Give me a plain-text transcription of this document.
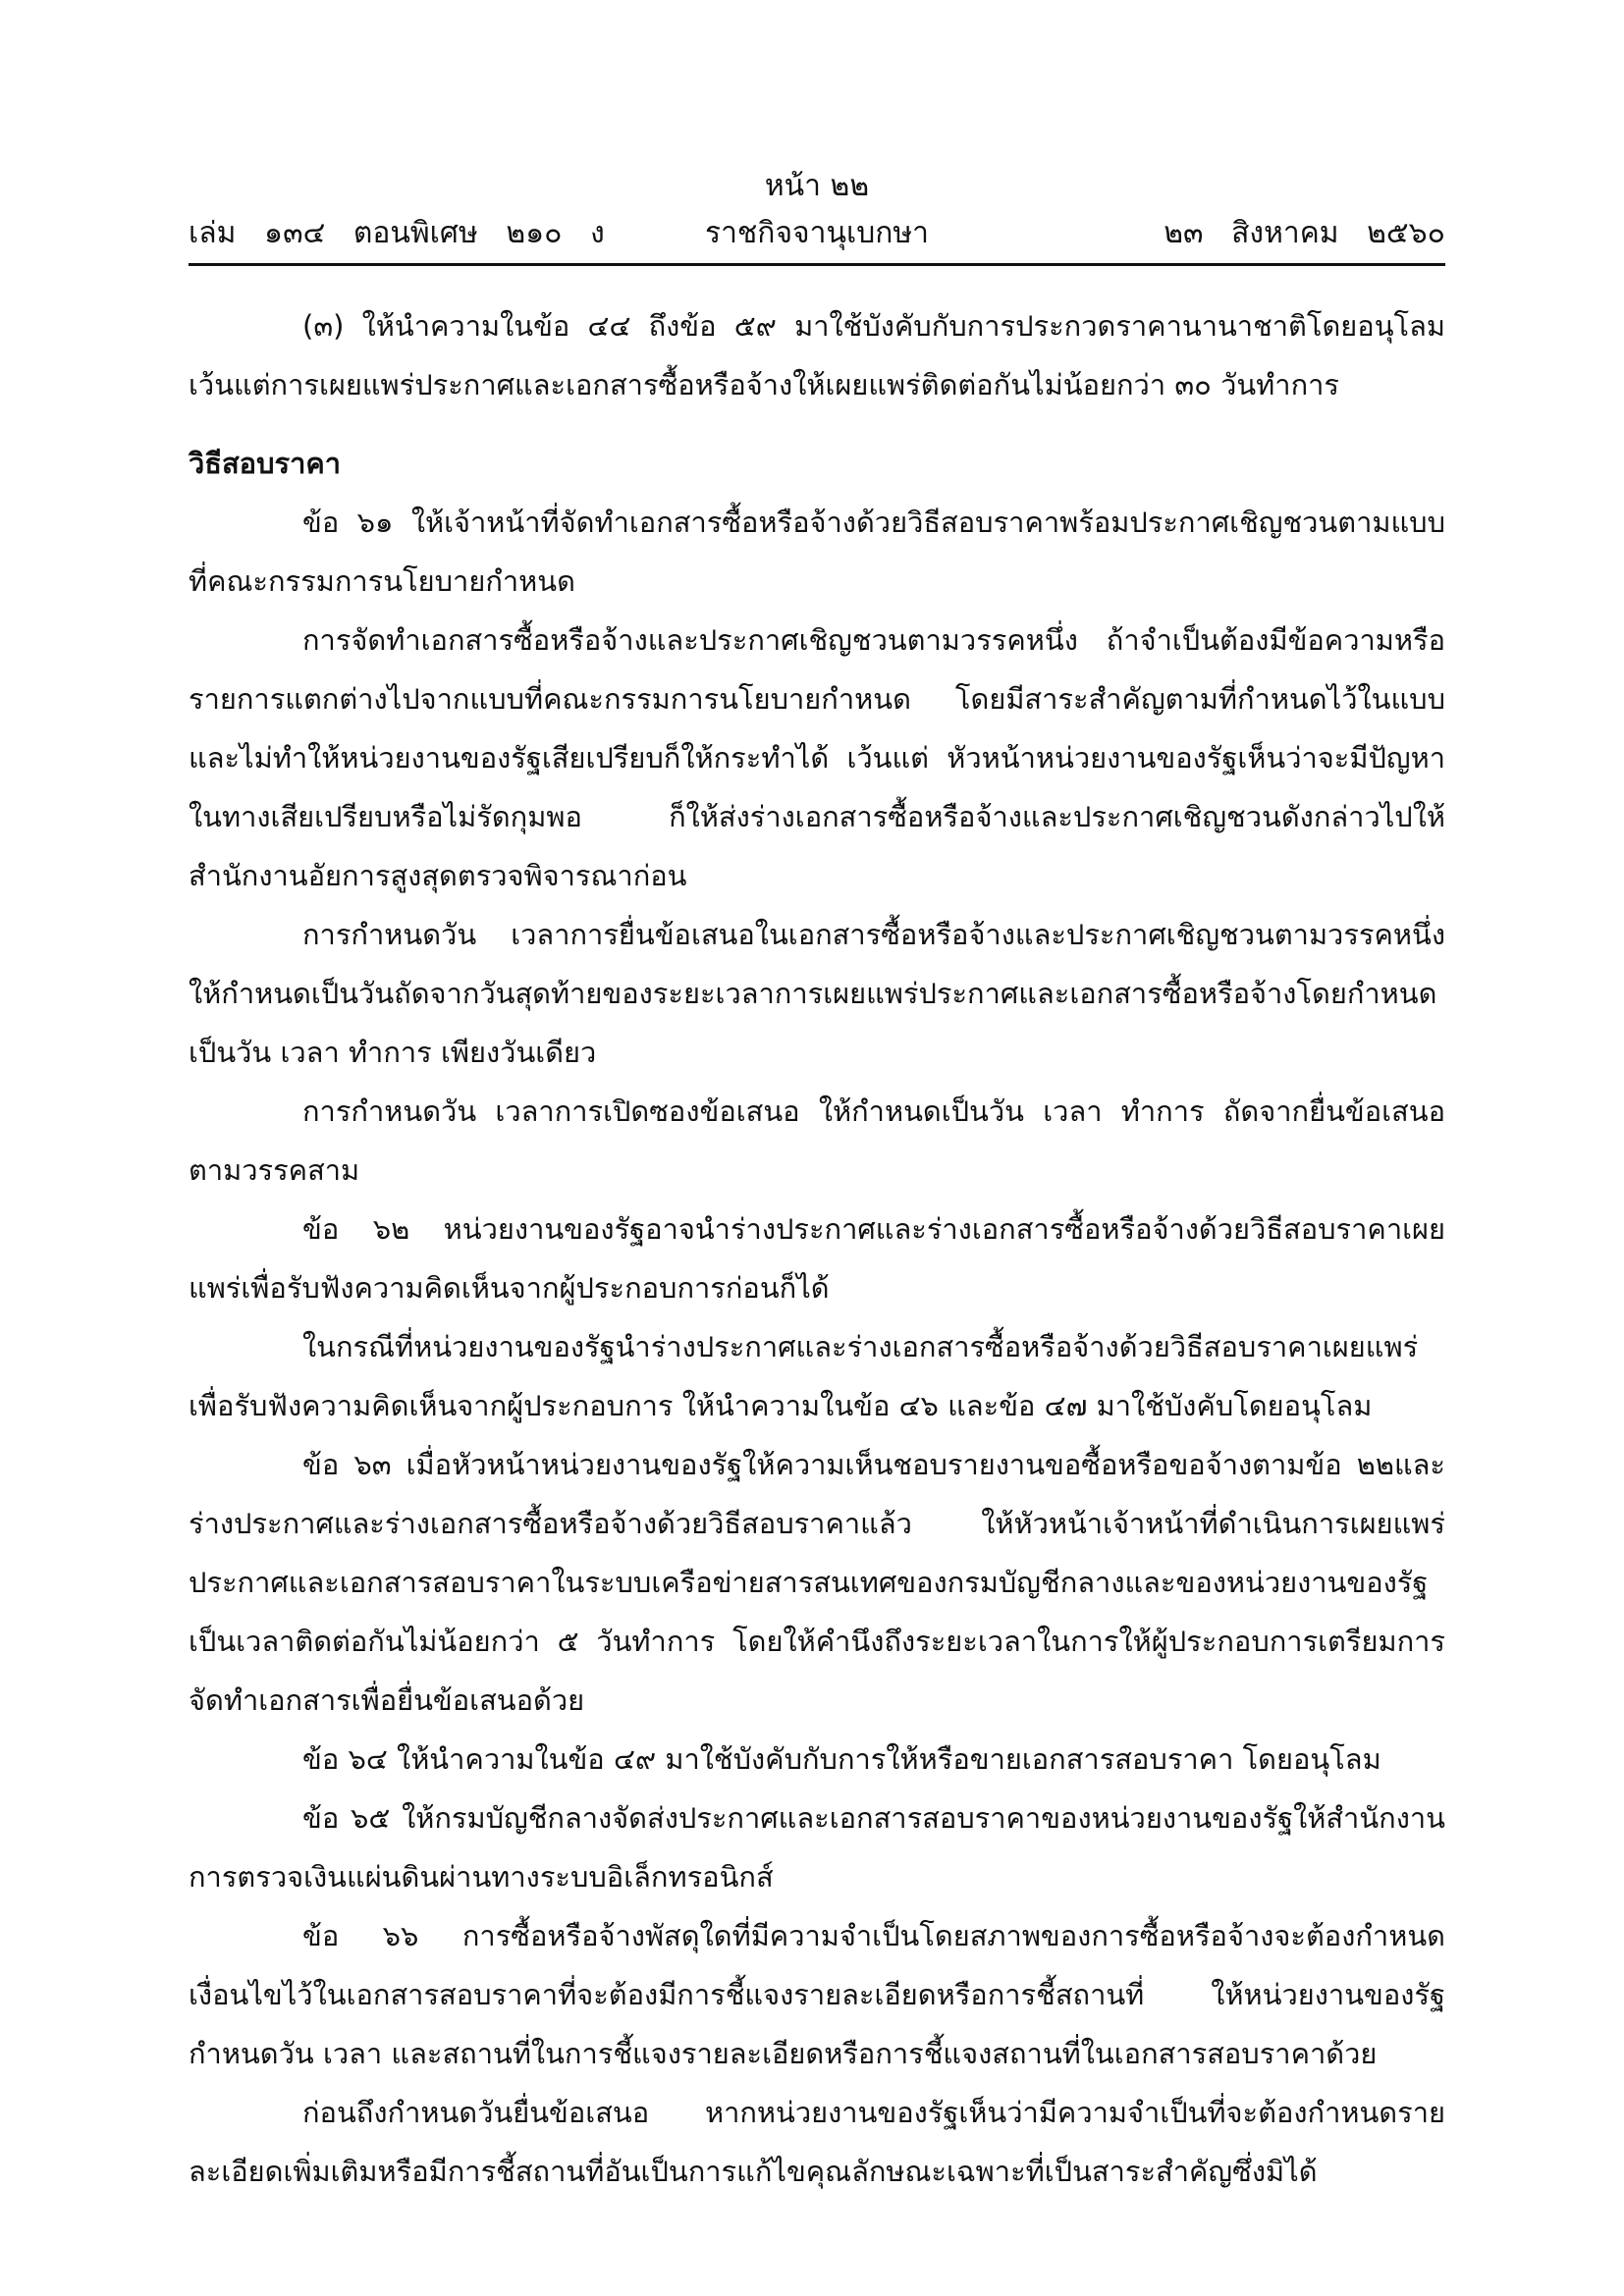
หน้า ๒๒
เล่ม   ๑๓๔   ตอนพิเศษ   ๒๑๐   ง	ราชกิจจานุเบกษา	๒๓   สิงหาคม   ๒๕๖๐

(๓) ให้นำความในข้อ ๔๔ ถึงข้อ ๕๙ มาใช้บังคับกับการประกวดราคานานาชาติโดยอนุโลม เว้นแต่การเผยแพร่ประกาศและเอกสารซื้อหรือจ้างให้เผยแพร่ติดต่อกันไม่น้อยกว่า ๓๐ วันทำการ

วิธีสอบราคา

ข้อ ๖๑ ให้เจ้าหน้าที่จัดทำเอกสารซื้อหรือจ้างด้วยวิธีสอบราคาพร้อมประกาศเชิญชวนตามแบบที่คณะกรรมการนโยบายกำหนด

การจัดทำเอกสารซื้อหรือจ้างและประกาศเชิญชวนตามวรรคหนึ่ง ถ้าจำเป็นต้องมีข้อความหรือรายการแตกต่างไปจากแบบที่คณะกรรมการนโยบายกำหนด โดยมีสาระสำคัญตามที่กำหนดไว้ในแบบและไม่ทำให้หน่วยงานของรัฐเสียเปรียบก็ให้กระทำได้ เว้นแต่ หัวหน้าหน่วยงานของรัฐเห็นว่าจะมีปัญหาในทางเสียเปรียบหรือไม่รัดกุมพอ ก็ให้ส่งร่างเอกสารซื้อหรือจ้างและประกาศเชิญชวนดังกล่าวไปให้สำนักงานอัยการสูงสุดตรวจพิจารณาก่อน

การกำหนดวัน เวลาการยื่นข้อเสนอในเอกสารซื้อหรือจ้างและประกาศเชิญชวนตามวรรคหนึ่งให้กำหนดเป็นวันถัดจากวันสุดท้ายของระยะเวลาการเผยแพร่ประกาศและเอกสารซื้อหรือจ้างโดยกำหนดเป็นวัน เวลา ทำการ เพียงวันเดียว

การกำหนดวัน เวลาการเปิดซองข้อเสนอ ให้กำหนดเป็นวัน เวลา ทำการ ถัดจากยื่นข้อเสนอตามวรรคสาม

ข้อ ๖๒ หน่วยงานของรัฐอาจนำร่างประกาศและร่างเอกสารซื้อหรือจ้างด้วยวิธีสอบราคาเผยแพร่เพื่อรับฟังความคิดเห็นจากผู้ประกอบการก่อนก็ได้

ในกรณีที่หน่วยงานของรัฐนำร่างประกาศและร่างเอกสารซื้อหรือจ้างด้วยวิธีสอบราคาเผยแพร่เพื่อรับฟังความคิดเห็นจากผู้ประกอบการ ให้นำความในข้อ ๔๖ และข้อ ๔๗ มาใช้บังคับโดยอนุโลม

ข้อ ๖๓ เมื่อหัวหน้าหน่วยงานของรัฐให้ความเห็นชอบรายงานขอซื้อหรือขอจ้างตามข้อ ๒๒และร่างประกาศและร่างเอกสารซื้อหรือจ้างด้วยวิธีสอบราคาแล้ว ให้หัวหน้าเจ้าหน้าที่ดำเนินการเผยแพร่ประกาศและเอกสารสอบราคาในระบบเครือข่ายสารสนเทศของกรมบัญชีกลางและของหน่วยงานของรัฐ เป็นเวลาติดต่อกันไม่น้อยกว่า ๕ วันทำการ โดยให้คำนึงถึงระยะเวลาในการให้ผู้ประกอบการเตรียมการจัดทำเอกสารเพื่อยื่นข้อเสนอด้วย

ข้อ ๖๔ ให้นำความในข้อ ๔๙ มาใช้บังคับกับการให้หรือขายเอกสารสอบราคา โดยอนุโลม

ข้อ ๖๕ ให้กรมบัญชีกลางจัดส่งประกาศและเอกสารสอบราคาของหน่วยงานของรัฐให้สำนักงานการตรวจเงินแผ่นดินผ่านทางระบบอิเล็กทรอนิกส์

ข้อ ๖๖ การซื้อหรือจ้างพัสดุใดที่มีความจำเป็นโดยสภาพของการซื้อหรือจ้างจะต้องกำหนดเงื่อนไขไว้ในเอกสารสอบราคาที่จะต้องมีการชี้แจงรายละเอียดหรือการชี้สถานที่ ให้หน่วยงานของรัฐกำหนดวัน เวลา และสถานที่ในการชี้แจงรายละเอียดหรือการชี้แจงสถานที่ในเอกสารสอบราคาด้วย

ก่อนถึงกำหนดวันยื่นข้อเสนอ หากหน่วยงานของรัฐเห็นว่ามีความจำเป็นที่จะต้องกำหนดรายละเอียดเพิ่มเติมหรือมีการชี้สถานที่อันเป็นการแก้ไขคุณลักษณะเฉพาะที่เป็นสาระสำคัญซึ่งมิได้
